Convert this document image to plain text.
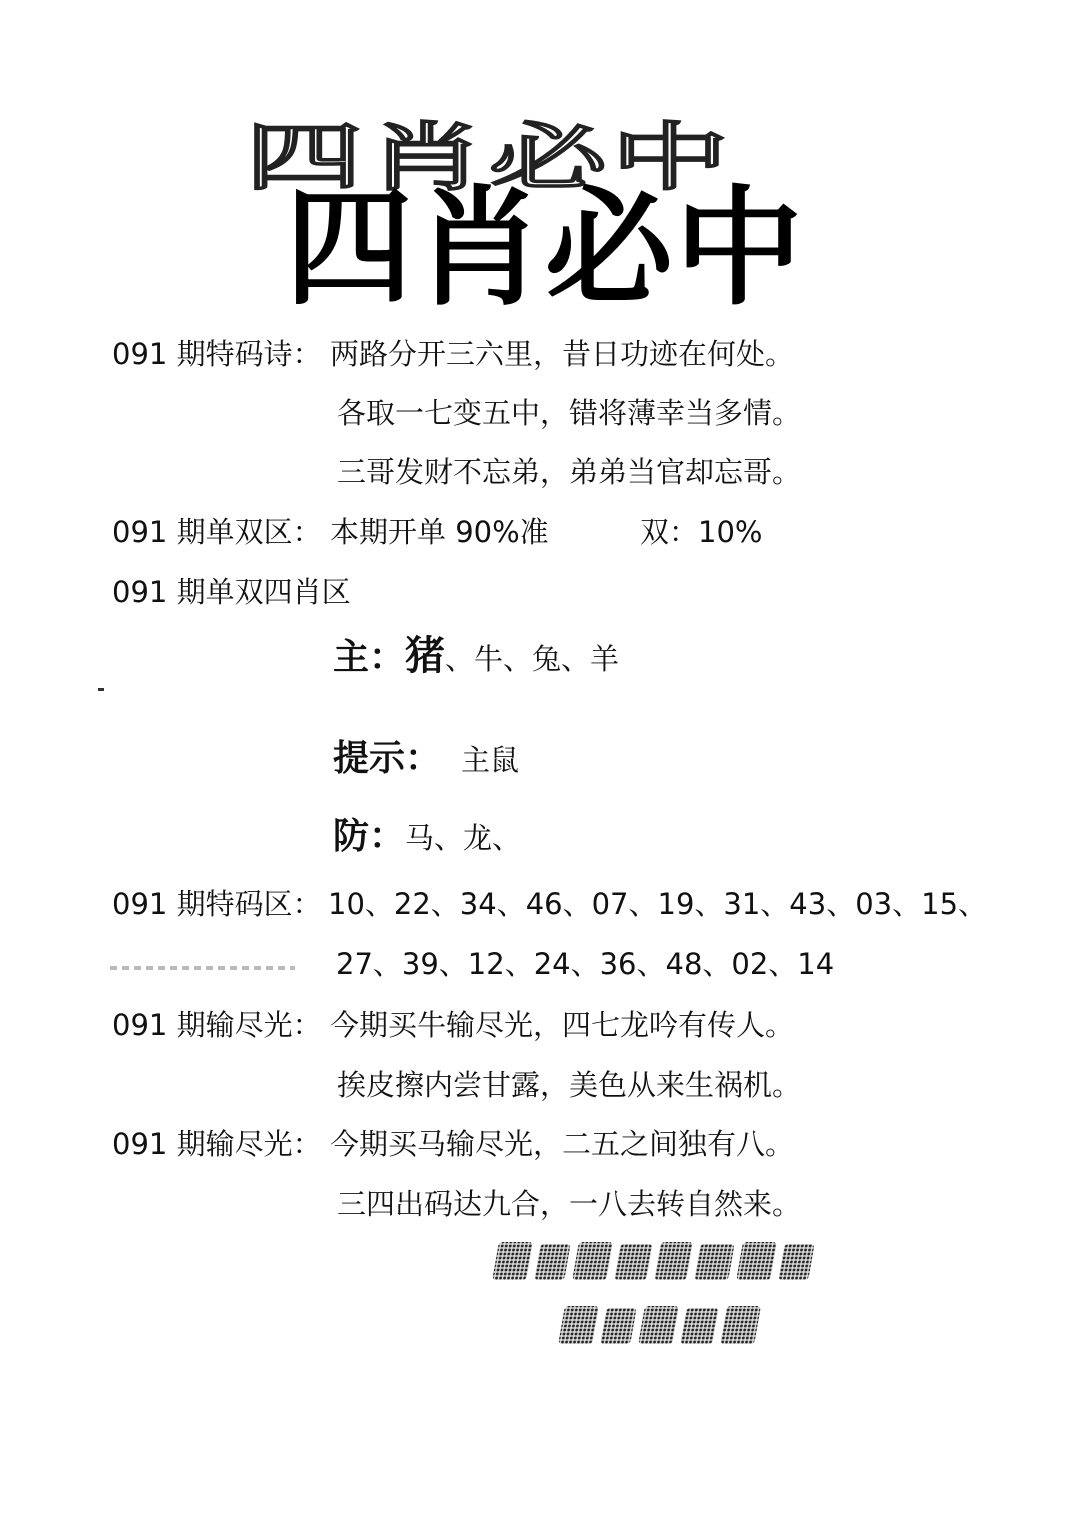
四肖必中
四肖必中
091 期特码诗： 两路分开三六里，昔日功迹在何处。
各取一七变五中，错将薄幸当多情。
三哥发财不忘弟，弟弟当官却忘哥。
091 期单双区： 本期开单 90%准	双：10%
091 期单双四肖区
主：猪、牛、兔、羊
提示： 主鼠
防：马、龙、
091 期特码区： 10、22、34、46、07、19、31、43、03、15、
27、39、12、24、36、48、02、14
091 期输尽光： 今期买牛输尽光，四七龙吟有传人。
挨皮擦内尝甘露，美色从来生祸机。
091 期输尽光： 今期买马输尽光，二五之间独有八。
三四出码达九合，一八去转自然来。
